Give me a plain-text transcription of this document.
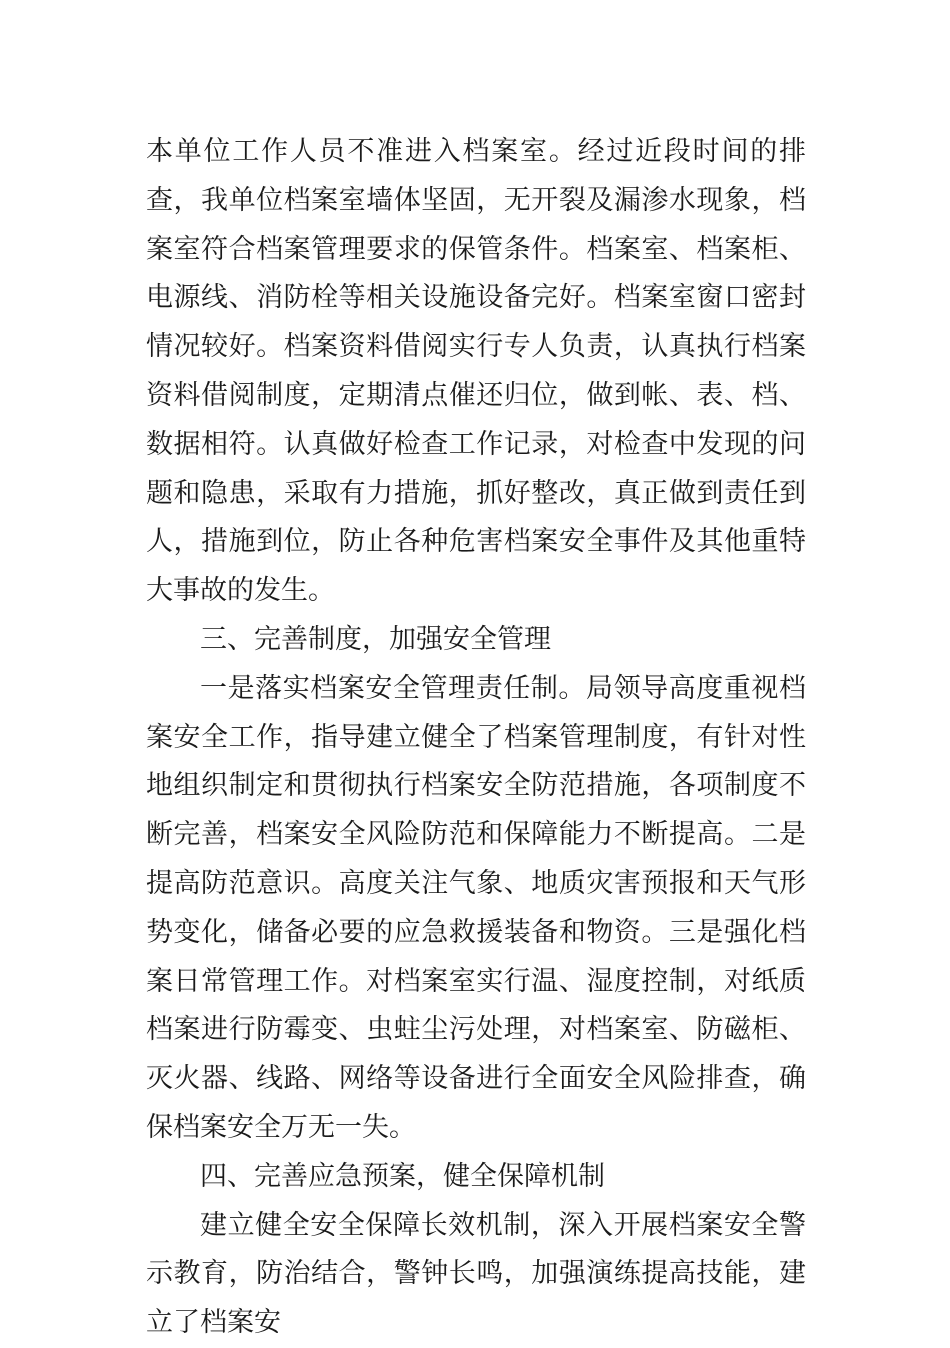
本单位工作人员不准进入档案室。经过近段时间的排查，我单位档案室墙体坚固，无开裂及漏渗水现象，档案室符合档案管理要求的保管条件。档案室、档案柜、电源线、消防栓等相关设施设备完好。档案室窗口密封情况较好。档案资料借阅实行专人负责，认真执行档案资料借阅制度，定期清点催还归位，做到帐、表、档、数据相符。认真做好检查工作记录，对检查中发现的问题和隐患，采取有力措施，抓好整改，真正做到责任到人，措施到位，防止各种危害档案安全事件及其他重特大事故的发生。

三、完善制度，加强安全管理

一是落实档案安全管理责任制。局领导高度重视档案安全工作，指导建立健全了档案管理制度，有针对性地组织制定和贯彻执行档案安全防范措施，各项制度不断完善，档案安全风险防范和保障能力不断提高。二是提高防范意识。高度关注气象、地质灾害预报和天气形势变化，储备必要的应急救援装备和物资。三是强化档案日常管理工作。对档案室实行温、湿度控制，对纸质档案进行防霉变、虫蛀尘污处理，对档案室、防磁柜、灭火器、线路、网络等设备进行全面安全风险排查，确保档案安全万无一失。

四、完善应急预案，健全保障机制

建立健全安全保障长效机制，深入开展档案安全警示教育，防治结合，警钟长鸣，加强演练提高技能，建立了档案安
